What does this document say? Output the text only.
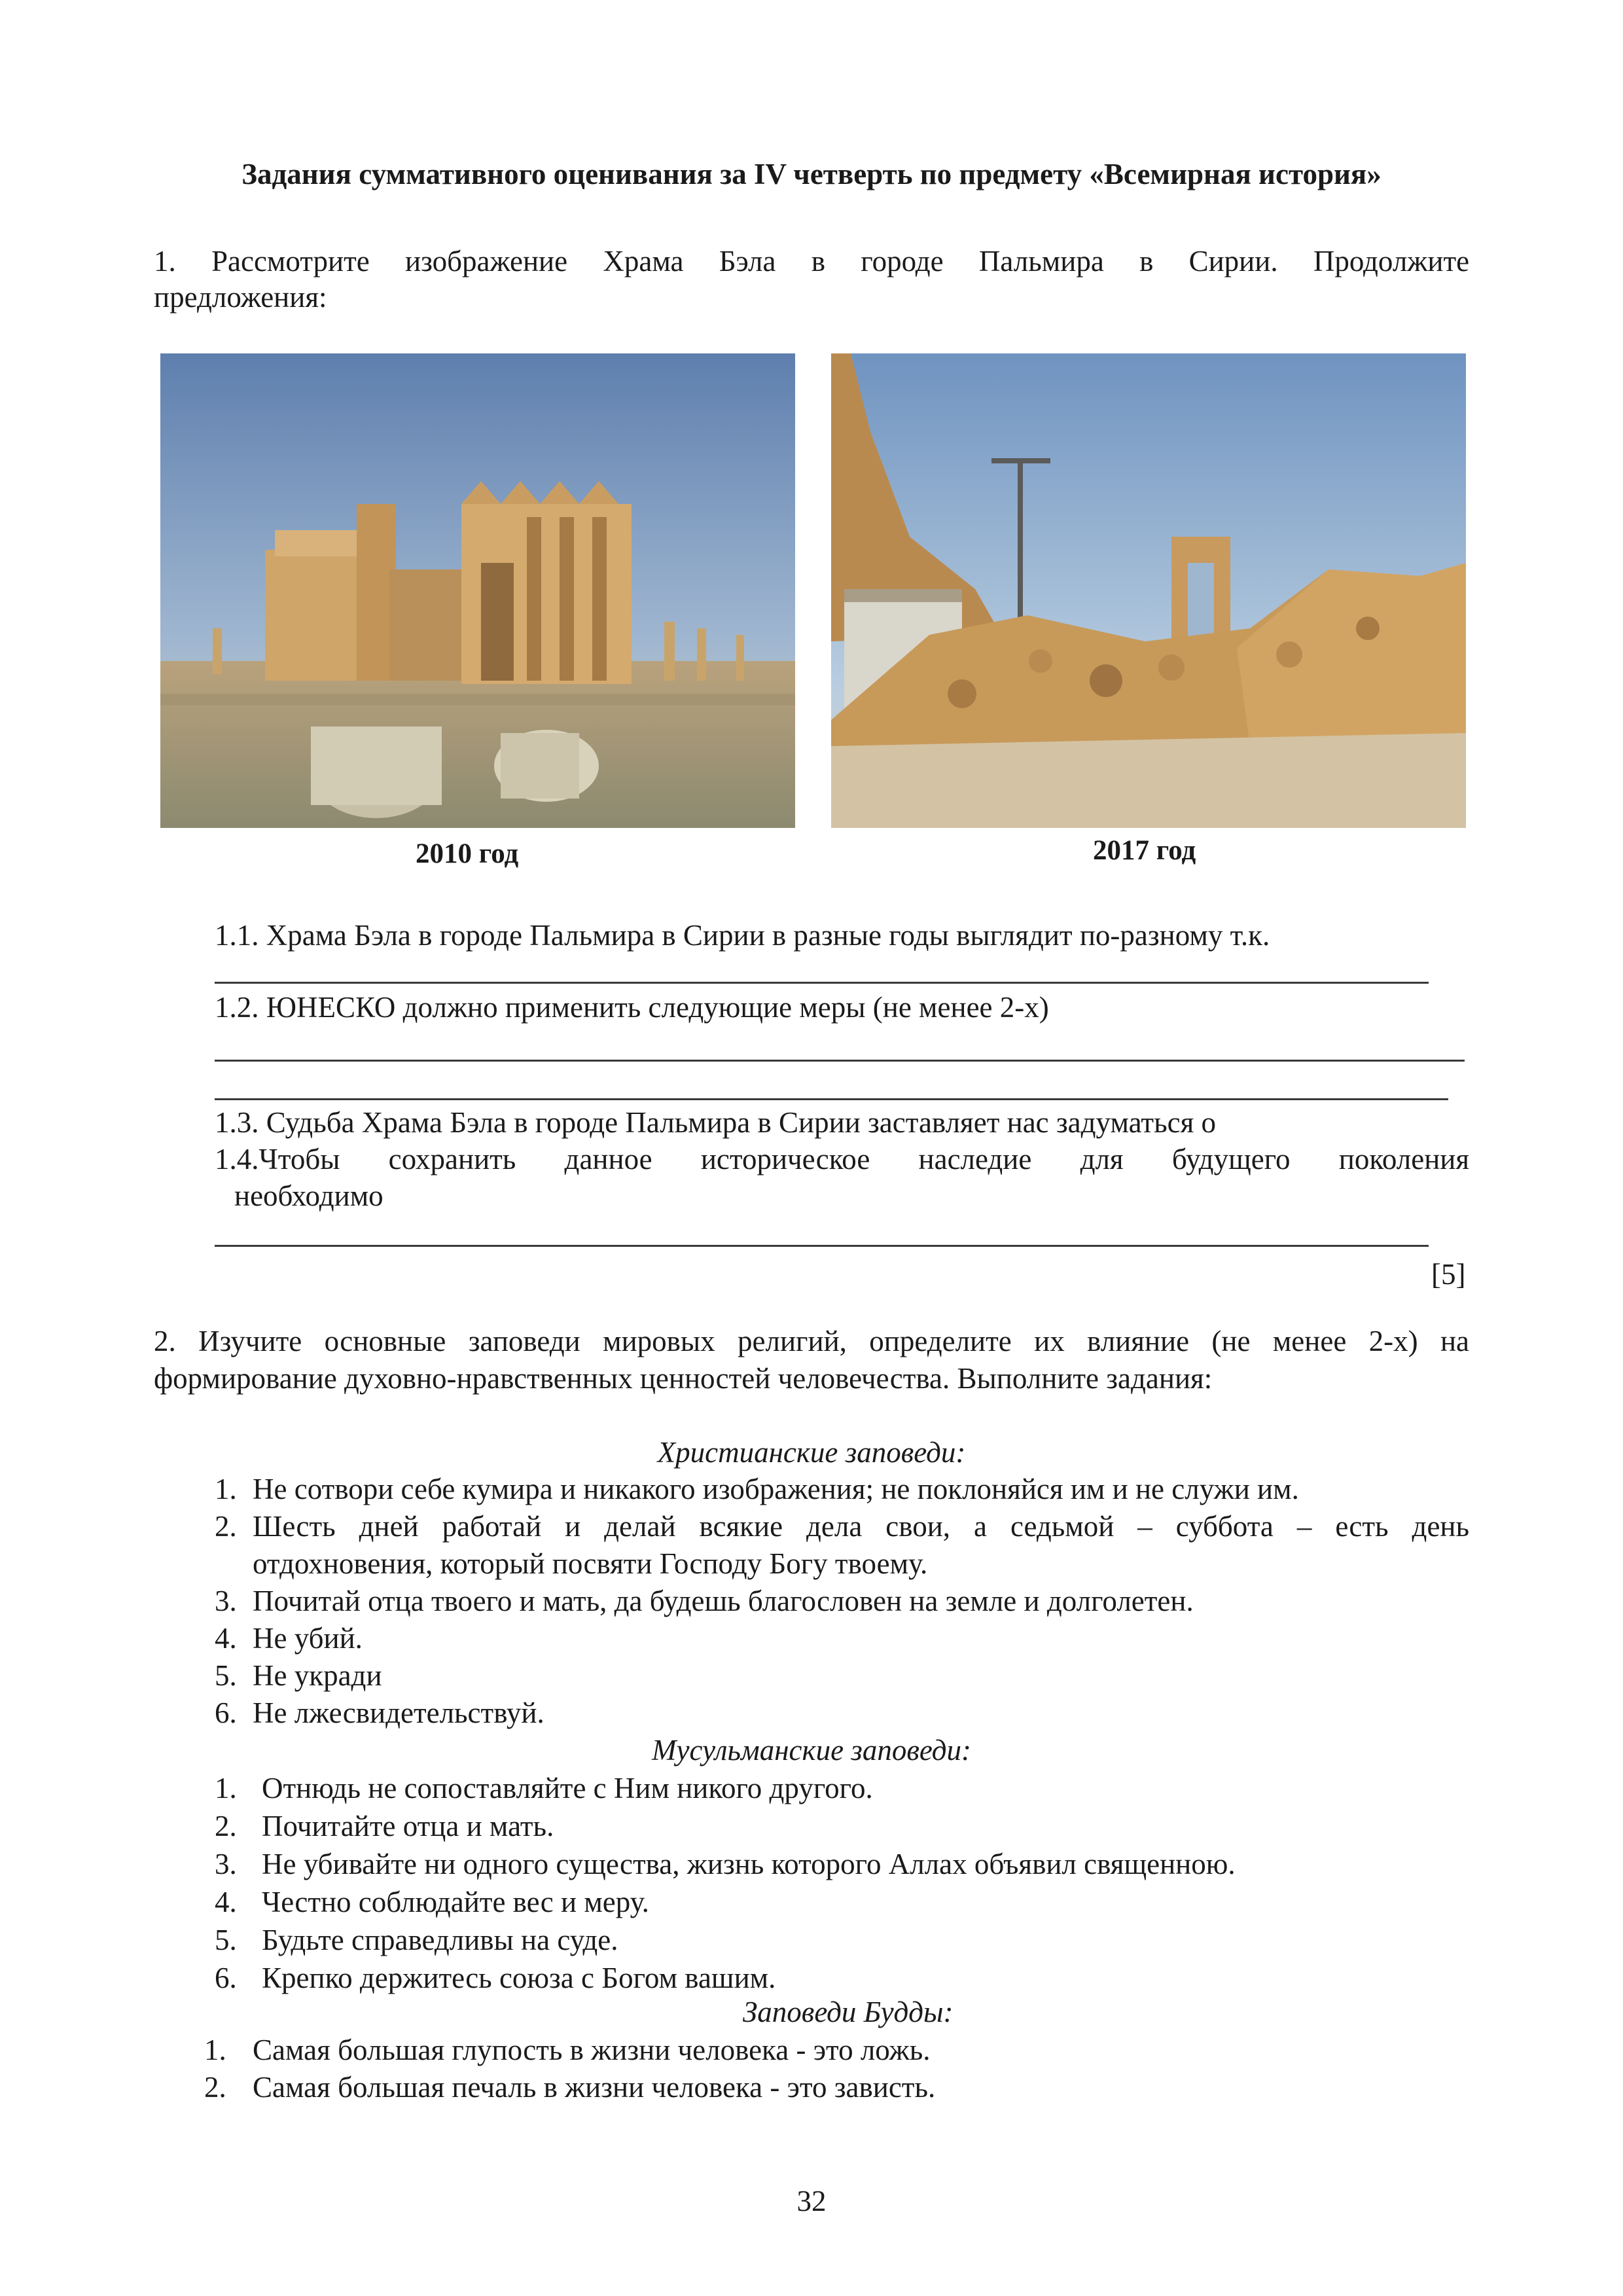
Задания суммативного оценивания за IV четверть по предмету «Всемирная история»
1. Рассмотрите изображение Храма Бэла в городе Пальмира в Сирии. Продолжите
предложения:
2010 год	2017 год
1.1. Храма Бэла в городе Пальмира в Сирии в разные годы выглядит по-разному т.к.
1.2. ЮНЕСКО должно применить следующие меры (не менее 2-х)
1.3. Судьба Храма Бэла в городе Пальмира в Сирии заставляет нас задуматься о
1.4.Чтобы сохранить данное историческое наследие для будущего поколения
необходимо
[5]
2. Изучите основные заповеди мировых религий, определите их влияние (не менее 2-х) на
формирование духовно-нравственных ценностей человечества. Выполните задания:
Христианские заповеди:
1. Не сотвори себе кумира и никакого изображения; не поклоняйся им и не служи им.
2. Шесть дней работай и делай всякие дела свои, а седьмой – суббота – есть день
отдохновения, который посвяти Господу Богу твоему.
3. Почитай отца твоего и мать, да будешь благословен на земле и долголетен.
4. Не убий.
5. Не укради
6. Не лжесвидетельствуй.
Мусульманские заповеди:
1. Отнюдь не сопоставляйте с Ним никого другого.
2. Почитайте отца и мать.
3. Не убивайте ни одного существа, жизнь которого Аллах объявил священною.
4. Честно соблюдайте вес и меру.
5. Будьте справедливы на суде.
6. Крепко держитесь союза с Богом вашим.
Заповеди Будды:
1. Самая большая глупость в жизни человека - это ложь.
2. Самая большая печаль в жизни человека - это зависть.
32
